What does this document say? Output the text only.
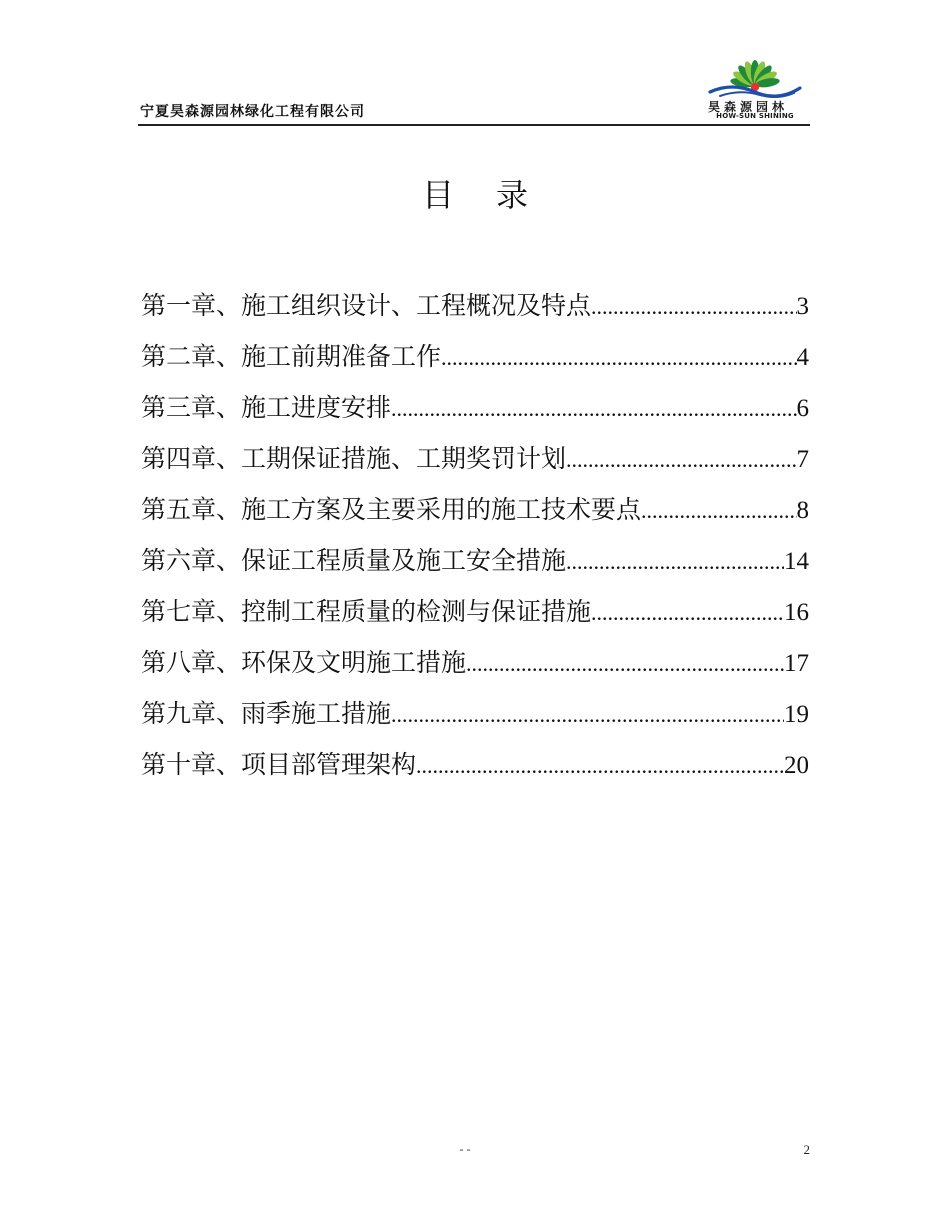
宁夏昊森源园林绿化工程有限公司	昊森源园林
HOW-SUN SHINING
目录
第一章、施工组织设计、工程概况及特点 .....	3
第二章、施工前期准备工作 .....	4
第三章、施工进度安排 .....	6
第四章、工期保证措施、工期奖罚计划 .....	7
第五章、施工方案及主要采用的施工技术要点 .....	8
第六章、保证工程质量及施工安全措施 .....	14
第七章、控制工程质量的检测与保证措施 .....	16
第八章、环保及文明施工措施 .....	17
第九章、雨季施工措施 .....	19
第十章、项目部管理架构 .....	20
- -	2
